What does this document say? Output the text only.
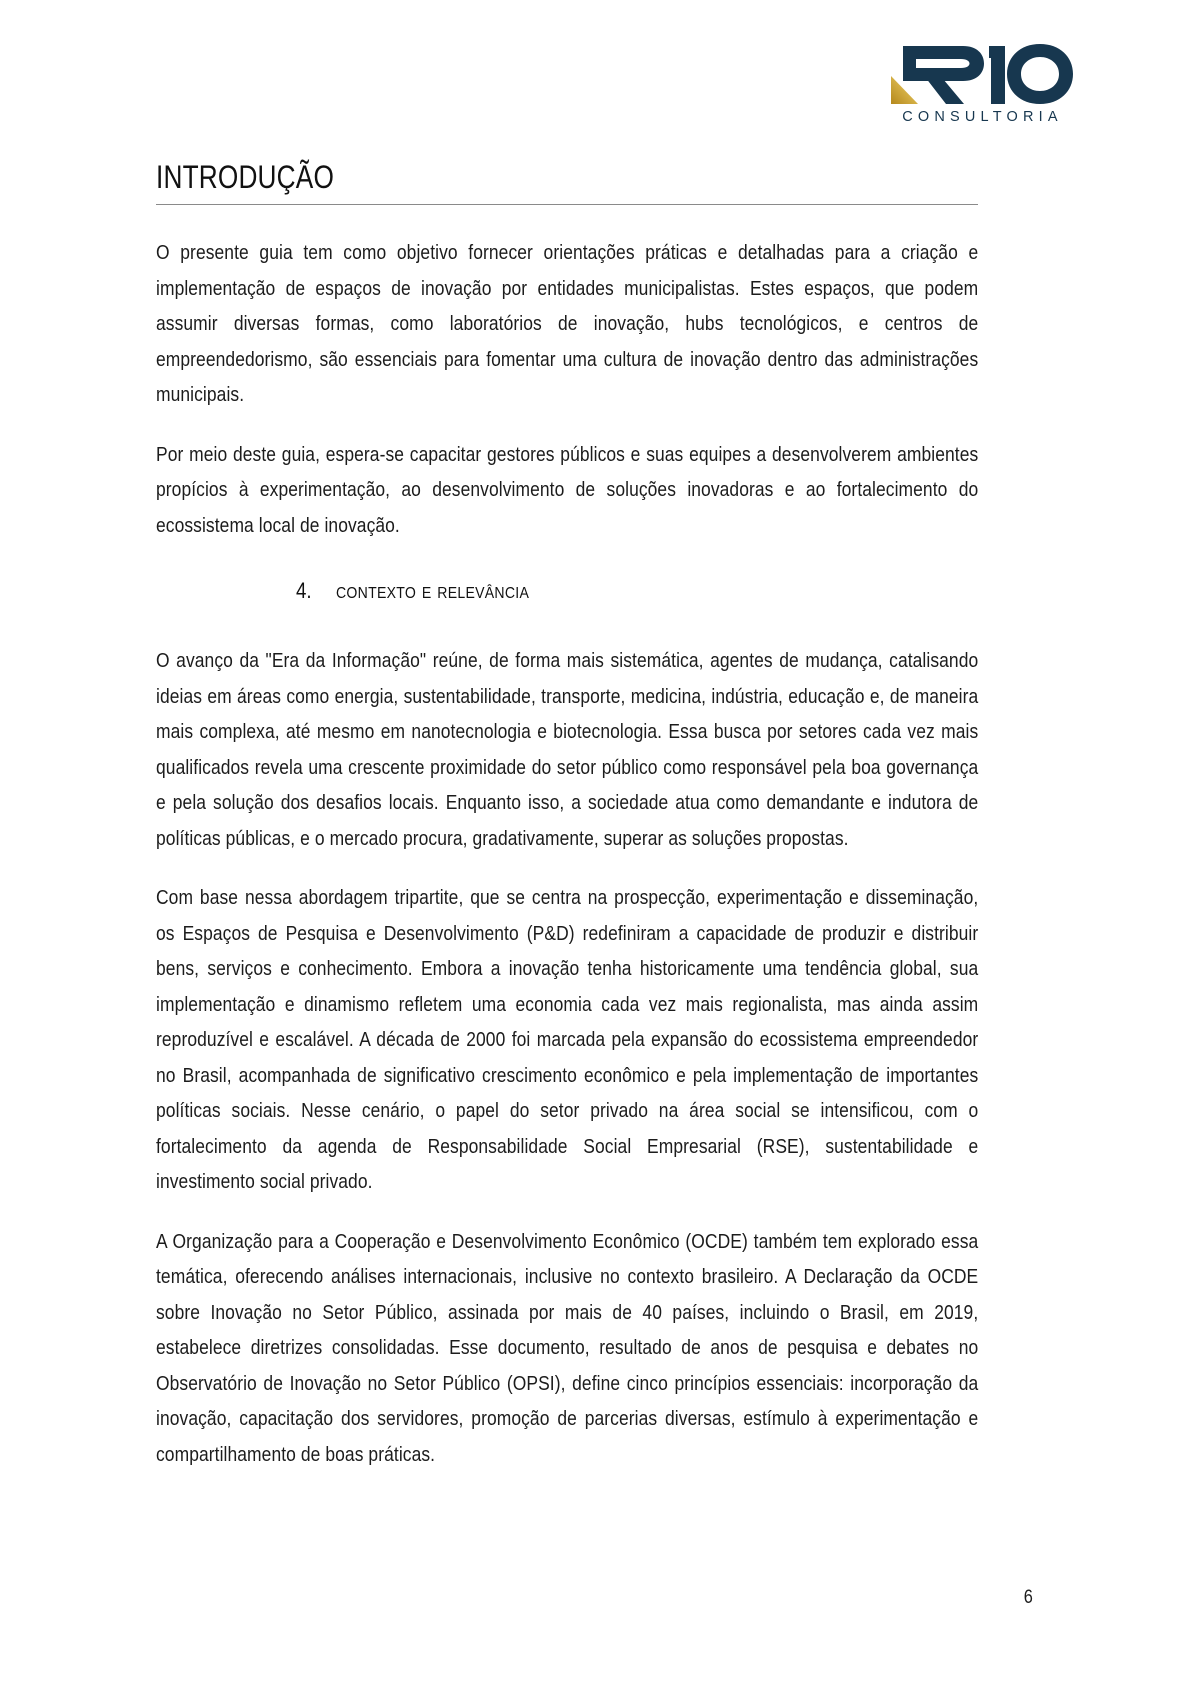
CONSULTORIA
INTRODUÇÃO

O presente guia tem como objetivo fornecer orientações práticas e detalhadas para a criação e implementação de espaços de inovação por entidades municipalistas. Estes espaços, que podem assumir diversas formas, como laboratórios de inovação, hubs tecnológicos, e centros de empreendedorismo, são essenciais para fomentar uma cultura de inovação dentro das administrações municipais.

Por meio deste guia, espera-se capacitar gestores públicos e suas equipes a desenvolverem ambientes propícios à experimentação, ao desenvolvimento de soluções inovadoras e ao fortalecimento do ecossistema local de inovação.

4. contexto e relevância

O avanço da "Era da Informação" reúne, de forma mais sistemática, agentes de mudança, catalisando ideias em áreas como energia, sustentabilidade, transporte, medicina, indústria, educação e, de maneira mais complexa, até mesmo em nanotecnologia e biotecnologia. Essa busca por setores cada vez mais qualificados revela uma crescente proximidade do setor público como responsável pela boa governança e pela solução dos desafios locais. Enquanto isso, a sociedade atua como demandante e indutora de políticas públicas, e o mercado procura, gradativamente, superar as soluções propostas.

Com base nessa abordagem tripartite, que se centra na prospecção, experimentação e disseminação, os Espaços de Pesquisa e Desenvolvimento (P&D) redefiniram a capacidade de produzir e distribuir bens, serviços e conhecimento. Embora a inovação tenha historicamente uma tendência global, sua implementação e dinamismo refletem uma economia cada vez mais regionalista, mas ainda assim reproduzível e escalável. A década de 2000 foi marcada pela expansão do ecossistema empreendedor no Brasil, acompanhada de significativo crescimento econômico e pela implementação de importantes políticas sociais. Nesse cenário, o papel do setor privado na área social se intensificou, com o fortalecimento da agenda de Responsabilidade Social Empresarial (RSE), sustentabilidade e investimento social privado.

A Organização para a Cooperação e Desenvolvimento Econômico (OCDE) também tem explorado essa temática, oferecendo análises internacionais, inclusive no contexto brasileiro. A Declaração da OCDE sobre Inovação no Setor Público, assinada por mais de 40 países, incluindo o Brasil, em 2019, estabelece diretrizes consolidadas. Esse documento, resultado de anos de pesquisa e debates no Observatório de Inovação no Setor Público (OPSI), define cinco princípios essenciais: incorporação da inovação, capacitação dos servidores, promoção de parcerias diversas, estímulo à experimentação e compartilhamento de boas práticas.

6
